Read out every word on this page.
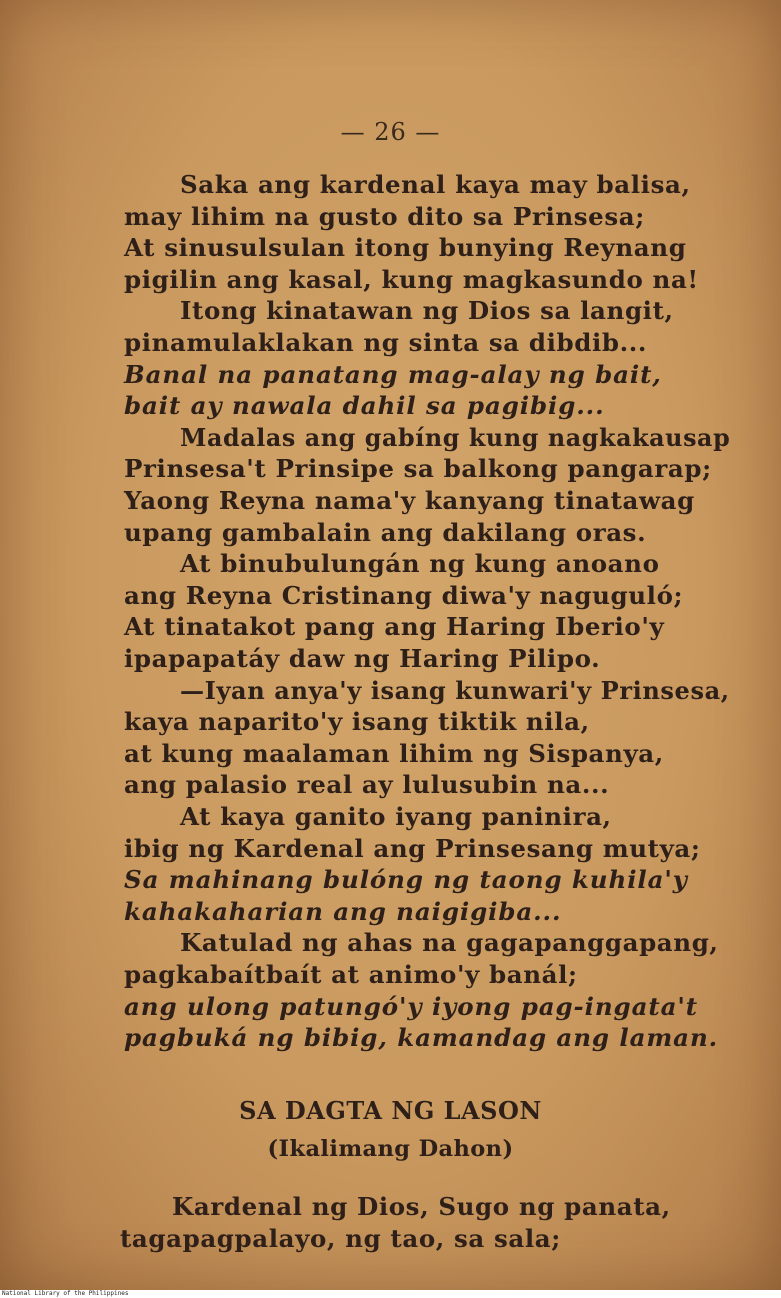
— 26 —
Saka ang kardenal kaya may balisa,
may lihim na gusto dito sa Prinsesa;
At sinusulsulan itong bunying Reynang
pigilin ang kasal, kung magkasundo na!
Itong kinatawan ng Dios sa langit,
pinamulaklakan ng sinta sa dibdib...
Banal na panatang mag-alay ng bait,
bait ay nawala dahil sa pagibig...
Madalas ang gabíng kung nagkakausap
Prinsesa't Prinsipe sa balkong pangarap;
Yaong Reyna nama'y kanyang tinatawag
upang gambalain ang dakilang oras.
At binubulungán ng kung anoano
ang Reyna Cristinang diwa'y naguguló;
At tinatakot pang ang Haring Iberio'y
ipapapatáy daw ng Haring Pilipo.
—Iyan anya'y isang kunwari'y Prinsesa,
kaya naparito'y isang tiktik nila,
at kung maalaman lihim ng Sispanya,
ang palasio real ay lulusubin na...
At kaya ganito iyang paninira,
ibig ng Kardenal ang Prinsesang mutya;
Sa mahinang bulóng ng taong kuhila'y
kahakaharian ang naigigiba...
Katulad ng ahas na gagapanggapang,
pagkabaítbaít at animo'y banál;
ang ulong patungó'y iyong pag-ingata't
pagbuká ng bibig, kamandag ang laman.
SA DAGTA NG LASON
(Ikalimang Dahon)
Kardenal ng Dios, Sugo ng panata,
tagapagpalayo, ng tao, sa sala;
National Library of the Philippines
